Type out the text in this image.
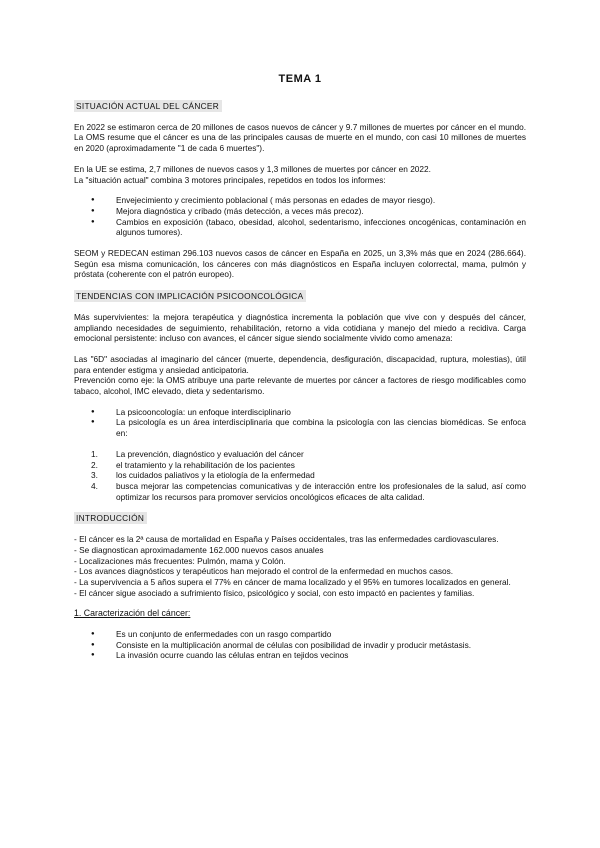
TEMA 1
SITUACIÓN ACTUAL DEL CÁNCER

En 2022 se estimaron cerca de 20 millones de casos nuevos de cáncer y 9.7 millones de muertes por cáncer en el mundo. La OMS resume que el cáncer es una de las principales causas de muerte en el mundo, con casi 10 millones de muertes en 2020 (aproximadamente "1 de cada 6 muertes").

En la UE se estima, 2,7 millones de nuevos casos y 1,3 millones de muertes por cáncer en 2022.

La "situación actual" combina 3 motores principales, repetidos en todos los informes:

● Envejecimiento y crecimiento poblacional ( más personas en edades de mayor riesgo).
● Mejora diagnóstica y cribado (más detección, a veces más precoz).
● Cambios en exposición (tabaco, obesidad, alcohol, sedentarismo, infecciones oncogénicas, contaminación en algunos tumores).

SEOM y REDECAN estiman 296.103 nuevos casos de cáncer en España en 2025, un 3,3% más que en 2024 (286.664). Según esa misma comunicación, los cánceres con más diagnósticos en España incluyen colorrectal, mama, pulmón y próstata (coherente con el patrón europeo).

TENDENCIAS CON IMPLICACIÓN PSICOONCOLÓGICA

Más supervivientes: la mejora terapéutica y diagnóstica incrementa la población que vive con y después del cáncer, ampliando necesidades de seguimiento, rehabilitación, retorno a vida cotidiana y manejo del miedo a recidiva. Carga emocional persistente: incluso con avances, el cáncer sigue siendo socialmente vivido como amenaza:

Las "6D" asociadas al imaginario del cáncer (muerte, dependencia, desfiguración, discapacidad, ruptura, molestias), útil para entender estigma y ansiedad anticipatoria.

Prevención como eje: la OMS atribuye una parte relevante de muertes por cáncer a factores de riesgo modificables como tabaco, alcohol, IMC elevado, dieta y sedentarismo.

● La psicooncología: un enfoque interdisciplinario
● La psicología es un área interdisciplinaria que combina la psicología con las ciencias biomédicas. Se enfoca en:
1. La prevención, diagnóstico y evaluación del cáncer
2. el tratamiento y la rehabilitación de los pacientes
3. los cuidados paliativos y la etiología de la enfermedad
4. busca mejorar las competencias comunicativas y de interacción entre los profesionales de la salud, así como optimizar los recursos para promover servicios oncológicos eficaces de alta calidad.
INTRODUCCIÓN

- El cáncer es la 2ª causa de mortalidad en España y Países occidentales, tras las enfermedades cardiovasculares.

- Se diagnostican aproximadamente 162.000 nuevos casos anuales

- Localizaciones más frecuentes: Pulmón, mama y Colón.

- Los avances diagnósticos y terapéuticos han mejorado el control de la enfermedad en muchos casos.

- La supervivencia a 5 años supera el 77% en cáncer de mama localizado y el 95% en tumores localizados en general.

- El cáncer sigue asociado a sufrimiento físico, psicológico y social, con esto impactó en pacientes y familias.

1. Caracterización del cáncer:
● Es un conjunto de enfermedades con un rasgo compartido
● Consiste en la multiplicación anormal de células con posibilidad de invadir y producir metástasis.
● La invasión ocurre cuando las células entran en tejidos vecinos
